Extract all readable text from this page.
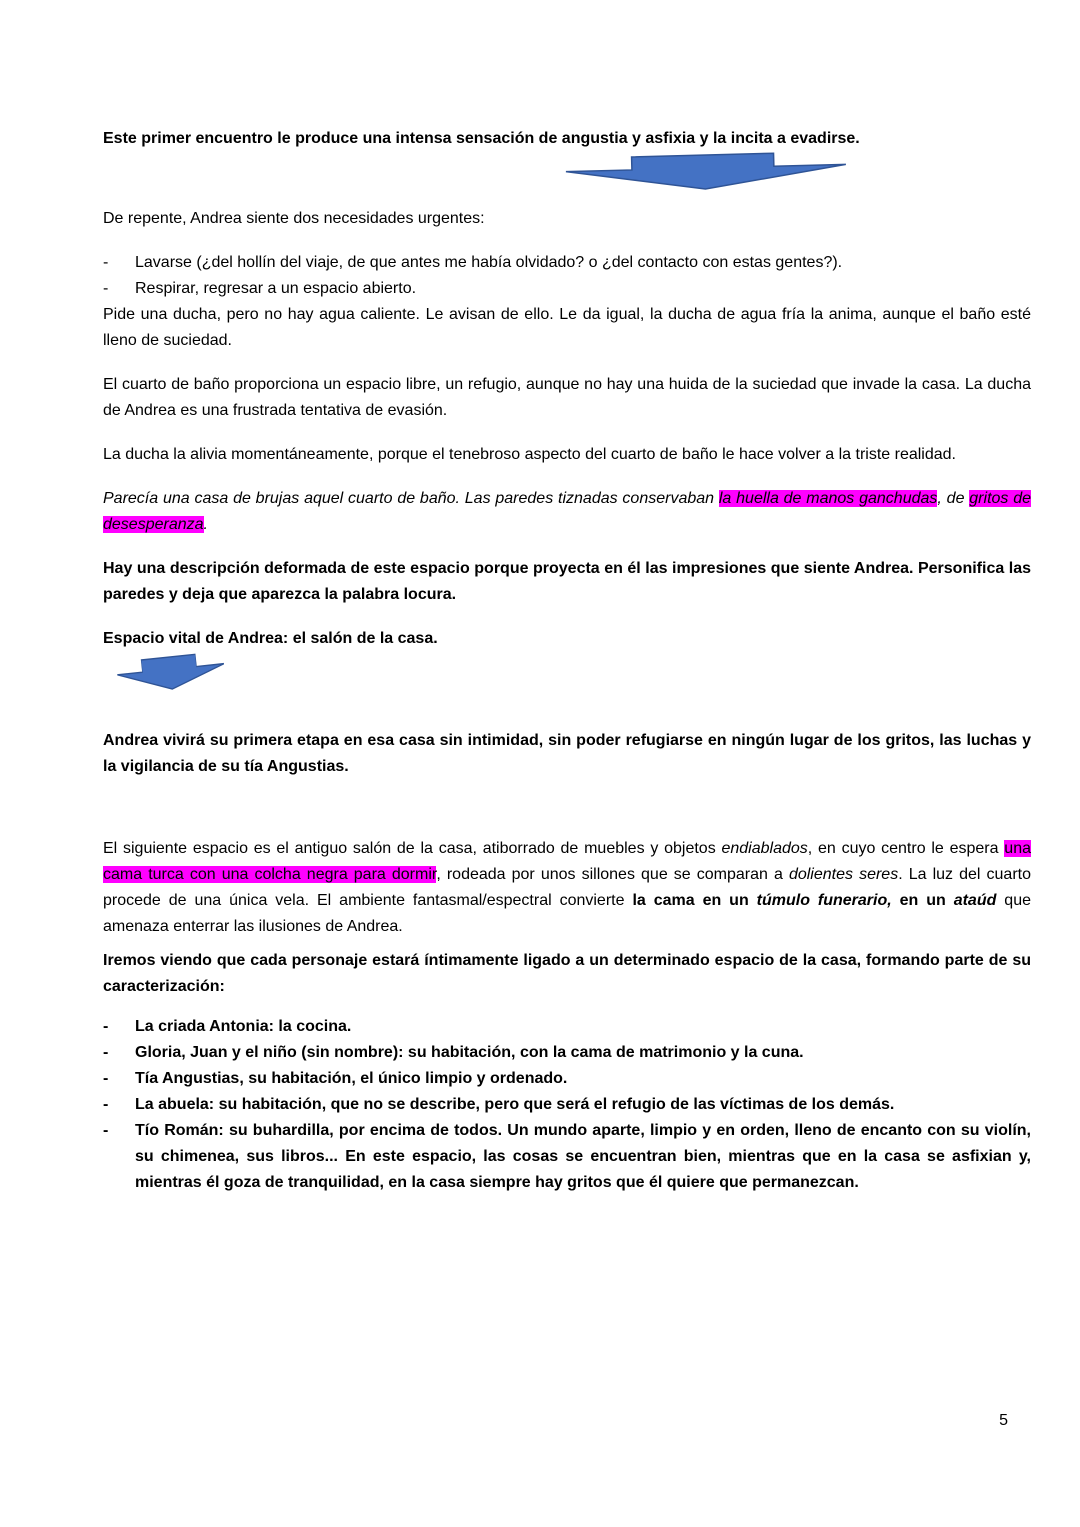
Este primer encuentro le produce una intensa sensación de angustia y asfixia y la incita a evadirse.

De repente, Andrea siente dos necesidades urgentes:

-	Lavarse (¿del hollín del viaje, de que antes me había olvidado? o ¿del contacto con estas gentes?).
-	Respirar, regresar a un espacio abierto.

Pide una ducha, pero no hay agua caliente. Le avisan de ello. Le da igual, la ducha de agua fría la anima, aunque el baño esté lleno de suciedad.

El cuarto de baño proporciona un espacio libre, un refugio, aunque no hay una huida de la suciedad que invade la casa. La ducha de Andrea es una frustrada tentativa de evasión.

La ducha la alivia momentáneamente, porque el tenebroso aspecto del cuarto de baño le hace volver a la triste realidad.

Parecía una casa de brujas aquel cuarto de baño. Las paredes tiznadas conservaban la huella de manos ganchudas, de gritos de desesperanza.

Hay una descripción deformada de este espacio porque proyecta en él las impresiones que siente Andrea. Personifica las paredes y deja que aparezca la palabra locura.

Espacio vital de Andrea: el salón de la casa.

Andrea vivirá su primera etapa en esa casa sin intimidad, sin poder refugiarse en ningún lugar de los gritos, las luchas y la vigilancia de su tía Angustias.

El siguiente espacio es el antiguo salón de la casa, atiborrado de muebles y objetos endiablados, en cuyo centro le espera una cama turca con una colcha negra para dormir, rodeada por unos sillones que se comparan a dolientes seres. La luz del cuarto procede de una única vela. El ambiente fantasmal/espectral convierte la cama en un túmulo funerario, en un ataúd que amenaza enterrar las ilusiones de Andrea.

Iremos viendo que cada personaje estará íntimamente ligado a un determinado espacio de la casa, formando parte de su caracterización:

-	La criada Antonia: la cocina.
-	Gloria, Juan y el niño (sin nombre): su habitación, con la cama de matrimonio y la cuna.
-	Tía Angustias, su habitación, el único limpio y ordenado.
-	La abuela: su habitación, que no se describe, pero que será el refugio de las víctimas de los demás.
-	Tío Román: su buhardilla, por encima de todos. Un mundo aparte, limpio y en orden, lleno de encanto con su violín, su chimenea, sus libros... En este espacio, las cosas se encuentran bien, mientras que en la casa se asfixian y, mientras él goza de tranquilidad, en la casa siempre hay gritos que él quiere que permanezcan.
5
